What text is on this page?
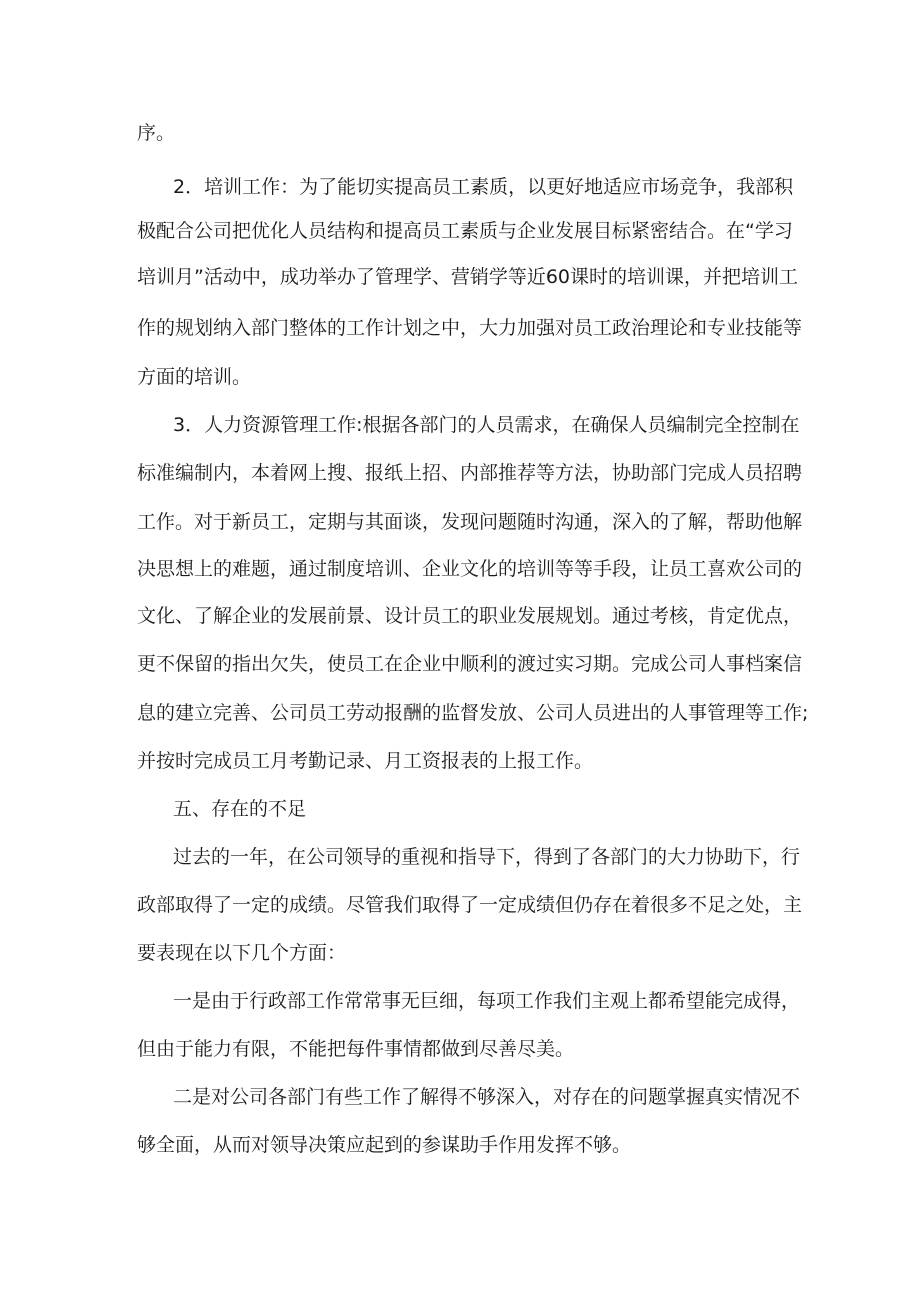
序。
2．培训工作：为了能切实提高员工素质，以更好地适应市场竞争，我部积
极配合公司把优化人员结构和提高员工素质与企业发展目标紧密结合。在“学习
培训月”活动中，成功举办了管理学、营销学等近60课时的培训课，并把培训工
作的规划纳入部门整体的工作计划之中，大力加强对员工政治理论和专业技能等
方面的培训。
3．人力资源管理工作:根据各部门的人员需求，在确保人员编制完全控制在
标准编制内，本着网上搜、报纸上招、内部推荐等方法，协助部门完成人员招聘
工作。对于新员工，定期与其面谈，发现问题随时沟通，深入的了解，帮助他解
决思想上的难题，通过制度培训、企业文化的培训等等手段，让员工喜欢公司的
文化、了解企业的发展前景、设计员工的职业发展规划。通过考核，肯定优点，
更不保留的指出欠失，使员工在企业中顺利的渡过实习期。完成公司人事档案信
息的建立完善、公司员工劳动报酬的监督发放、公司人员进出的人事管理等工作;
并按时完成员工月考勤记录、月工资报表的上报工作。
五、存在的不足
过去的一年，在公司领导的重视和指导下，得到了各部门的大力协助下，行
政部取得了一定的成绩。尽管我们取得了一定成绩但仍存在着很多不足之处，主
要表现在以下几个方面：
一是由于行政部工作常常事无巨细，每项工作我们主观上都希望能完成得，
但由于能力有限，不能把每件事情都做到尽善尽美。
二是对公司各部门有些工作了解得不够深入，对存在的问题掌握真实情况不
够全面，从而对领导决策应起到的参谋助手作用发挥不够。
